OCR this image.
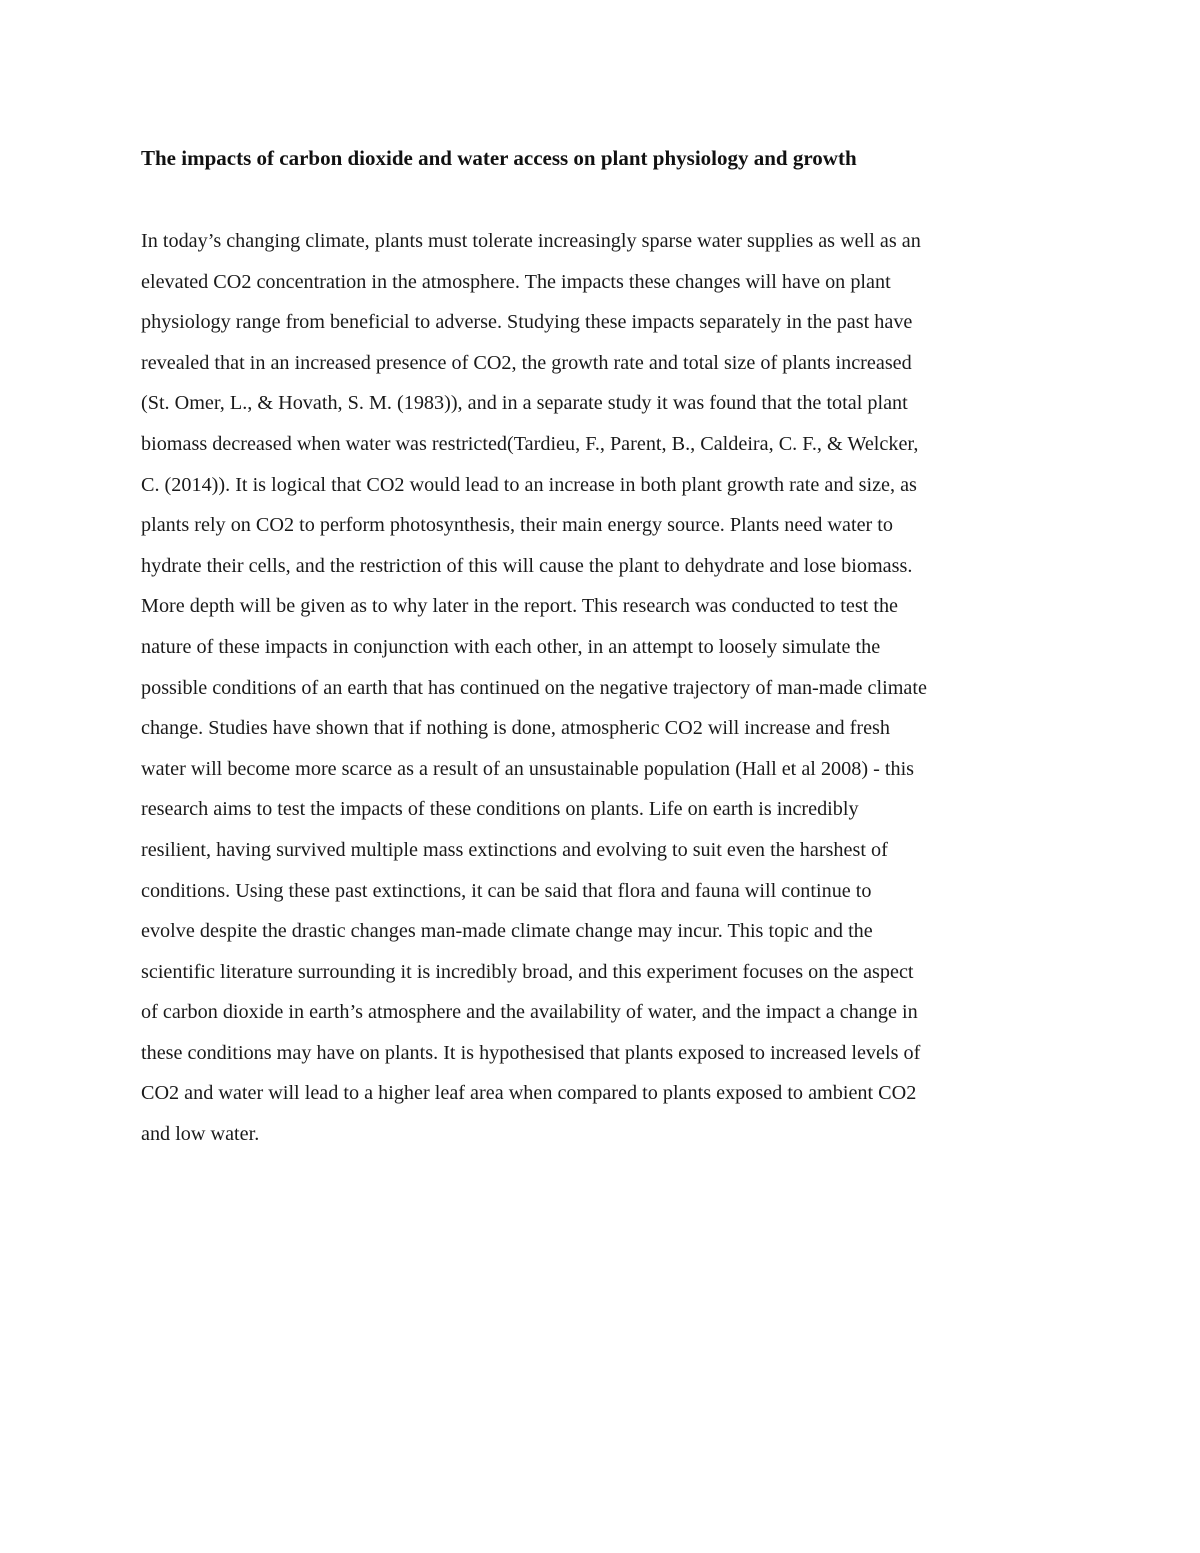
The impacts of carbon dioxide and water access on plant physiology and growth
In today’s changing climate, plants must tolerate increasingly sparse water supplies as well as an
elevated CO2 concentration in the atmosphere. The impacts these changes will have on plant
physiology range from beneficial to adverse. Studying these impacts separately in the past have
revealed that in an increased presence of CO2, the growth rate and total size of plants increased
(St. Omer, L., & Hovath, S. M. (1983)), and in a separate study it was found that the total plant
biomass decreased when water was restricted(Tardieu, F., Parent, B., Caldeira, C. F., & Welcker,
C. (2014)). It is logical that CO2 would lead to an increase in both plant growth rate and size, as
plants rely on CO2 to perform photosynthesis, their main energy source. Plants need water to
hydrate their cells, and the restriction of this will cause the plant to dehydrate and lose biomass.
More depth will be given as to why later in the report. This research was conducted to test the
nature of these impacts in conjunction with each other, in an attempt to loosely simulate the
possible conditions of an earth that has continued on the negative trajectory of man-made climate
change. Studies have shown that if nothing is done, atmospheric CO2 will increase and fresh
water will become more scarce as a result of an unsustainable population (Hall et al 2008) - this
research aims to test the impacts of these conditions on plants. Life on earth is incredibly
resilient, having survived multiple mass extinctions and evolving to suit even the harshest of
conditions. Using these past extinctions, it can be said that flora and fauna will continue to
evolve despite the drastic changes man-made climate change may incur. This topic and the
scientific literature surrounding it is incredibly broad, and this experiment focuses on the aspect
of carbon dioxide in earth’s atmosphere and the availability of water, and the impact a change in
these conditions may have on plants. It is hypothesised that plants exposed to increased levels of
CO2 and water will lead to a higher leaf area when compared to plants exposed to ambient CO2
and low water.
